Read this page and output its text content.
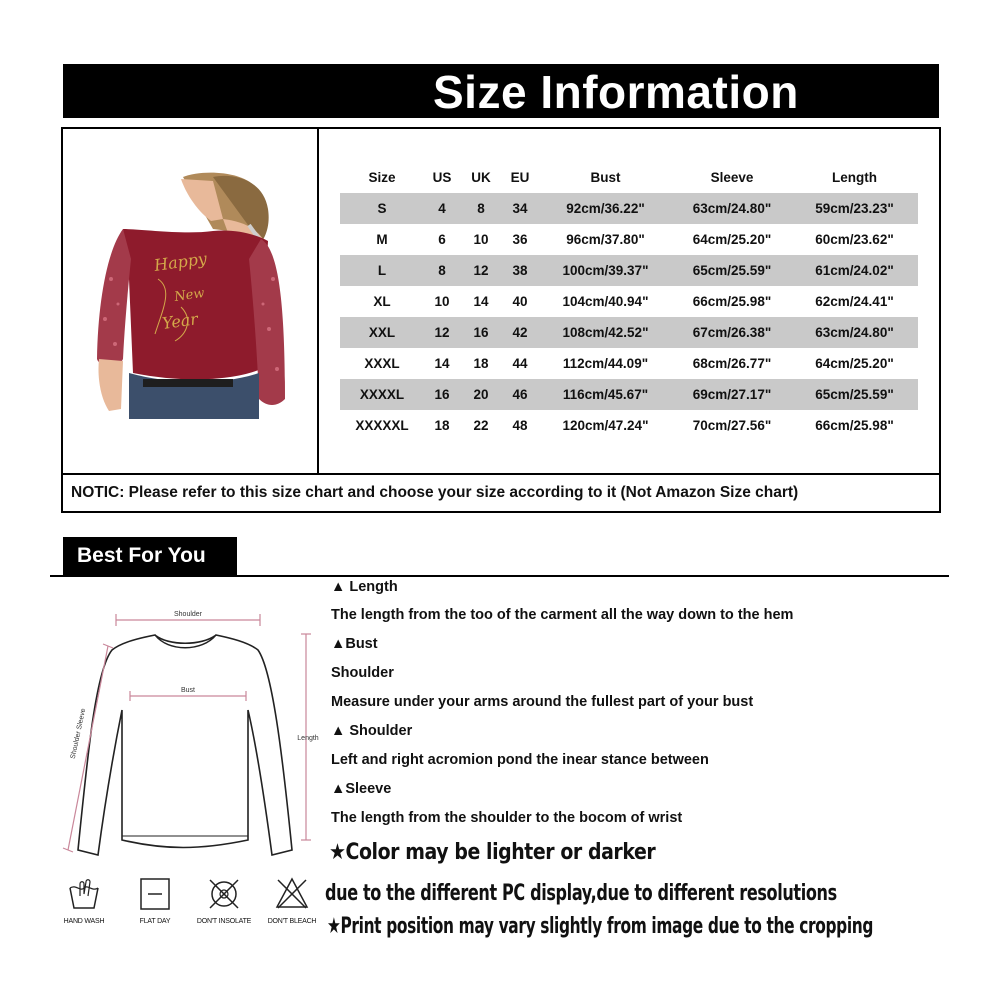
Size Information
Happy
New
Year
NOTIC: Please refer to this size chart and choose your size according to it (Not Amazon Size chart)
Size	US	UK	EU	Bust	Sleeve	Length
S	4	8	34	92cm/36.22"	63cm/24.80"	59cm/23.23"
M	6	10	36	96cm/37.80"	64cm/25.20"	60cm/23.62"
L	8	12	38	100cm/39.37"	65cm/25.59"	61cm/24.02"
XL	10	14	40	104cm/40.94"	66cm/25.98"	62cm/24.41"
XXL	12	16	42	108cm/42.52"	67cm/26.38"	63cm/24.80"
XXXL	14	18	44	112cm/44.09"	68cm/26.77"	64cm/25.20"
XXXXL	16	20	46	116cm/45.67"	69cm/27.17"	65cm/25.59"
XXXXXL	18	22	48	120cm/47.24"	70cm/27.56"	66cm/25.98"
Best For You
Shoulder
Bust
Length
Shoulder Sleeve
HAND WASH	FLAT DAY	DON'T INSOLATE	DON'T BLEACH
▲ Length
The length from the too of the carment all the way down to the hem
▲Bust
Shoulder
Measure under your arms around the fullest part of your bust
▲ Shoulder
Left and right acromion pond the inear stance between
▲Sleeve
The length from the shoulder to the bocom of wrist
★Color may be lighter or darker
due to the different PC display,due to different resolutions
★Print position may vary slightly from image due to the cropping
